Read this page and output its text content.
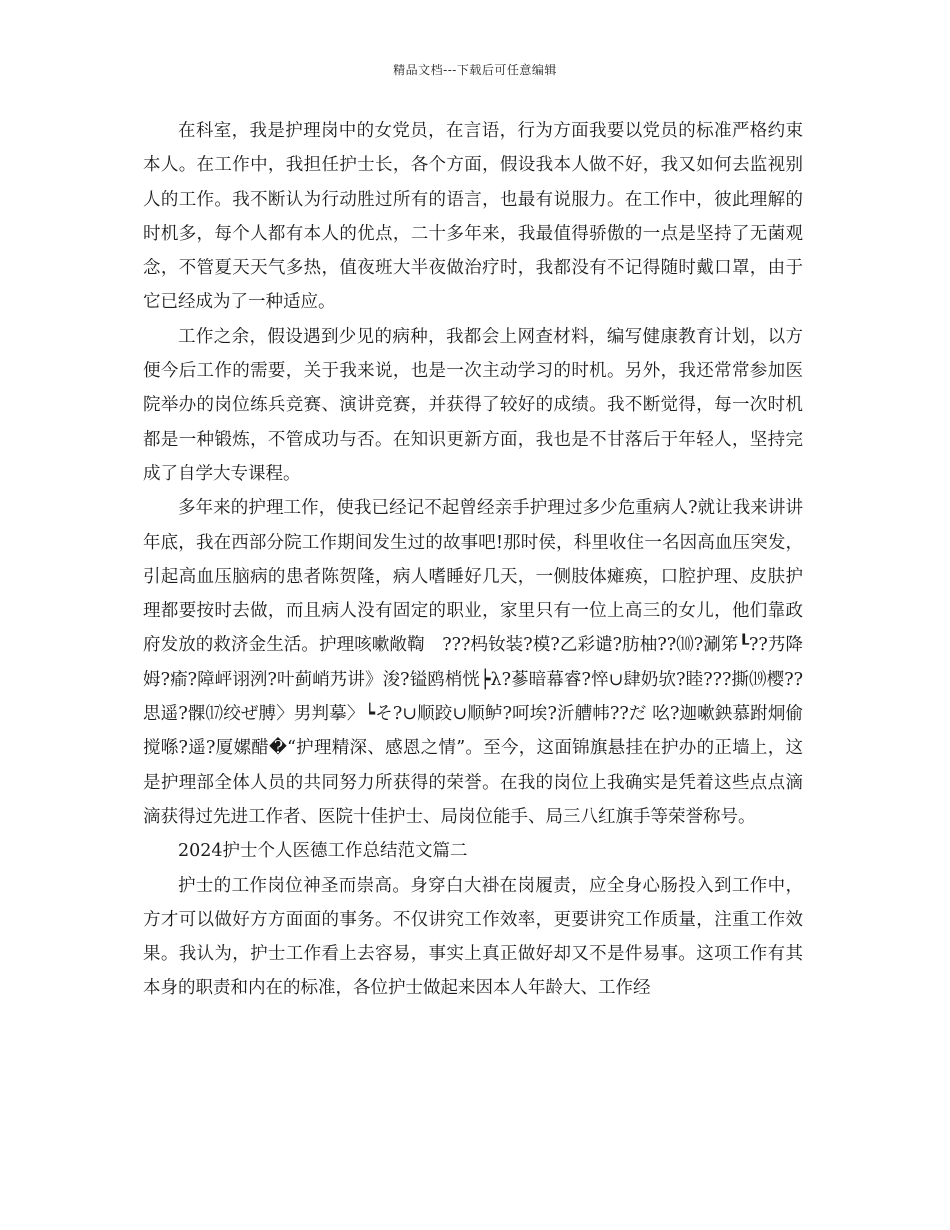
精品文档---下载后可任意编辑

在科室，我是护理岗中的女党员，在言语，行为方面我要以党员的标准严格约束本人。在工作中，我担任护士长，各个方面，假设我本人做不好，我又如何去监视别人的工作。我不断认为行动胜过所有的语言，也最有说服力。在工作中，彼此理解的时机多，每个人都有本人的优点，二十多年来，我最值得骄傲的一点是坚持了无菌观念，不管夏天天气多热，值夜班大半夜做治疗时，我都没有不记得随时戴口罩，由于它已经成为了一种适应。

工作之余，假设遇到少见的病种，我都会上网查材料，编写健康教育计划，以方便今后工作的需要，关于我来说，也是一次主动学习的时机。另外，我还常常参加医院举办的岗位练兵竞赛、演讲竞赛，并获得了较好的成绩。我不断觉得，每一次时机都是一种锻炼，不管成功与否。在知识更新方面，我也是不甘落后于年轻人，坚持完成了自学大专课程。

多年来的护理工作，使我已经记不起曾经亲手护理过多少危重病人?就让我来讲讲年底，我在西部分院工作期间发生过的故事吧!那时侯，科里收住一名因高血压突发，引起高血压脑病的患者陈贺隆，病人嗜睡好几天，一侧肢体瘫痪，口腔护理、皮肤护理都要按时去做，而且病人没有固定的职业，家里只有一位上高三的女儿，他们靠政府发放的救济金生活。护理咳嗽敞鞫　???杩钕装?模?乙彩谴?肪柚??⑽?涮笫┖??艿降姆?瘉?障岼诩洌?叶蓟峭艿讲》浚?镒鸥梢恍┝λ?蔘暗幕睿?悴∪肆奶欤?睦???撕⒆樱??思遥?髁⒄绞ぜ膊〉男判摹〉┕そ?∪顺跤∪顺鲈?呵埃?沂艚帏??だ 吆?迦嗽鉠慕跗炯偷搅喺?遥?厦嫘醋�“护理精深、感恩之情”。至今，这面锦旗悬挂在护办的正墙上，这是护理部全体人员的共同努力所获得的荣誉。在我的岗位上我确实是凭着这些点点滴滴获得过先进工作者、医院十佳护士、局岗位能手、局三八红旗手等荣誉称号。

2024护士个人医德工作总结范文篇二

护士的工作岗位神圣而崇高。身穿白大褂在岗履责，应全身心肠投入到工作中，方才可以做好方方面面的事务。不仅讲究工作效率，更要讲究工作质量，注重工作效果。我认为，护士工作看上去容易，事实上真正做好却又不是件易事。这项工作有其本身的职责和内在的标准，各位护士做起来因本人年龄大、工作经
